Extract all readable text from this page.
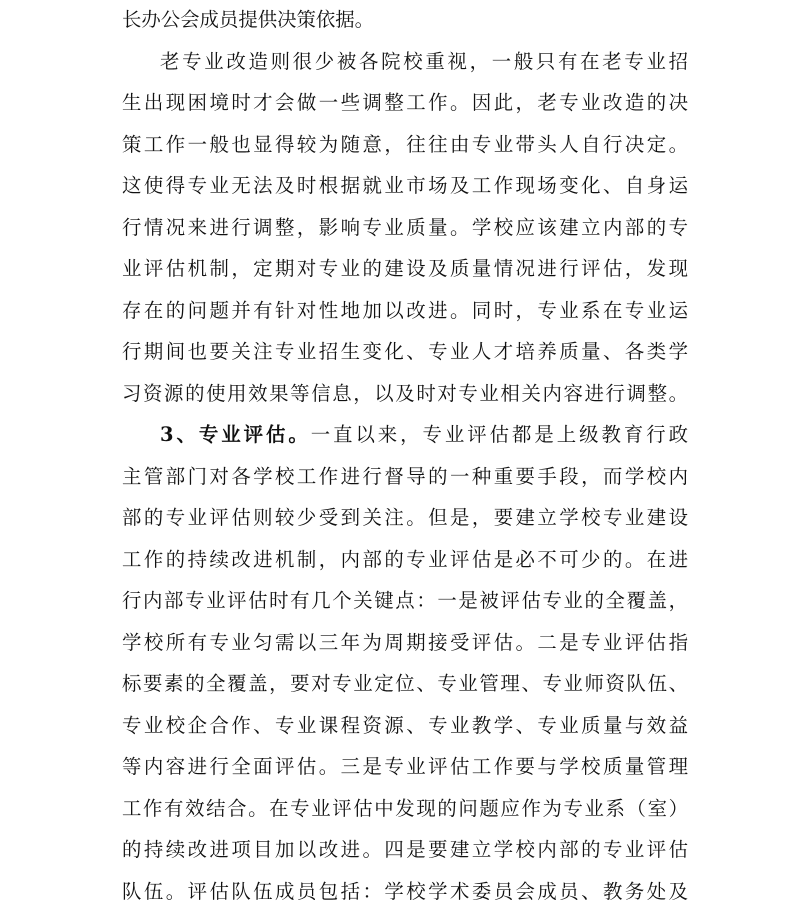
长办公会成员提供决策依据。
老专业改造则很少被各院校重视，一般只有在老专业招
生出现困境时才会做一些调整工作。因此，老专业改造的决
策工作一般也显得较为随意，往往由专业带头人自行决定。
这使得专业无法及时根据就业市场及工作现场变化、自身运
行情况来进行调整，影响专业质量。学校应该建立内部的专
业评估机制，定期对专业的建设及质量情况进行评估，发现
存在的问题并有针对性地加以改进。同时，专业系在专业运
行期间也要关注专业招生变化、专业人才培养质量、各类学
习资源的使用效果等信息，以及时对专业相关内容进行调整。
3、专业评估。一直以来，专业评估都是上级教育行政
主管部门对各学校工作进行督导的一种重要手段，而学校内
部的专业评估则较少受到关注。但是，要建立学校专业建设
工作的持续改进机制，内部的专业评估是必不可少的。在进
行内部专业评估时有几个关键点：一是被评估专业的全覆盖，
学校所有专业匀需以三年为周期接受评估。二是专业评估指
标要素的全覆盖，要对专业定位、专业管理、专业师资队伍、
专业校企合作、专业课程资源、专业教学、专业质量与效益
等内容进行全面评估。三是专业评估工作要与学校质量管理
工作有效结合。在专业评估中发现的问题应作为专业系（室）
的持续改进项目加以改进。四是要建立学校内部的专业评估
队伍。评估队伍成员包括：学校学术委员会成员、教务处及
